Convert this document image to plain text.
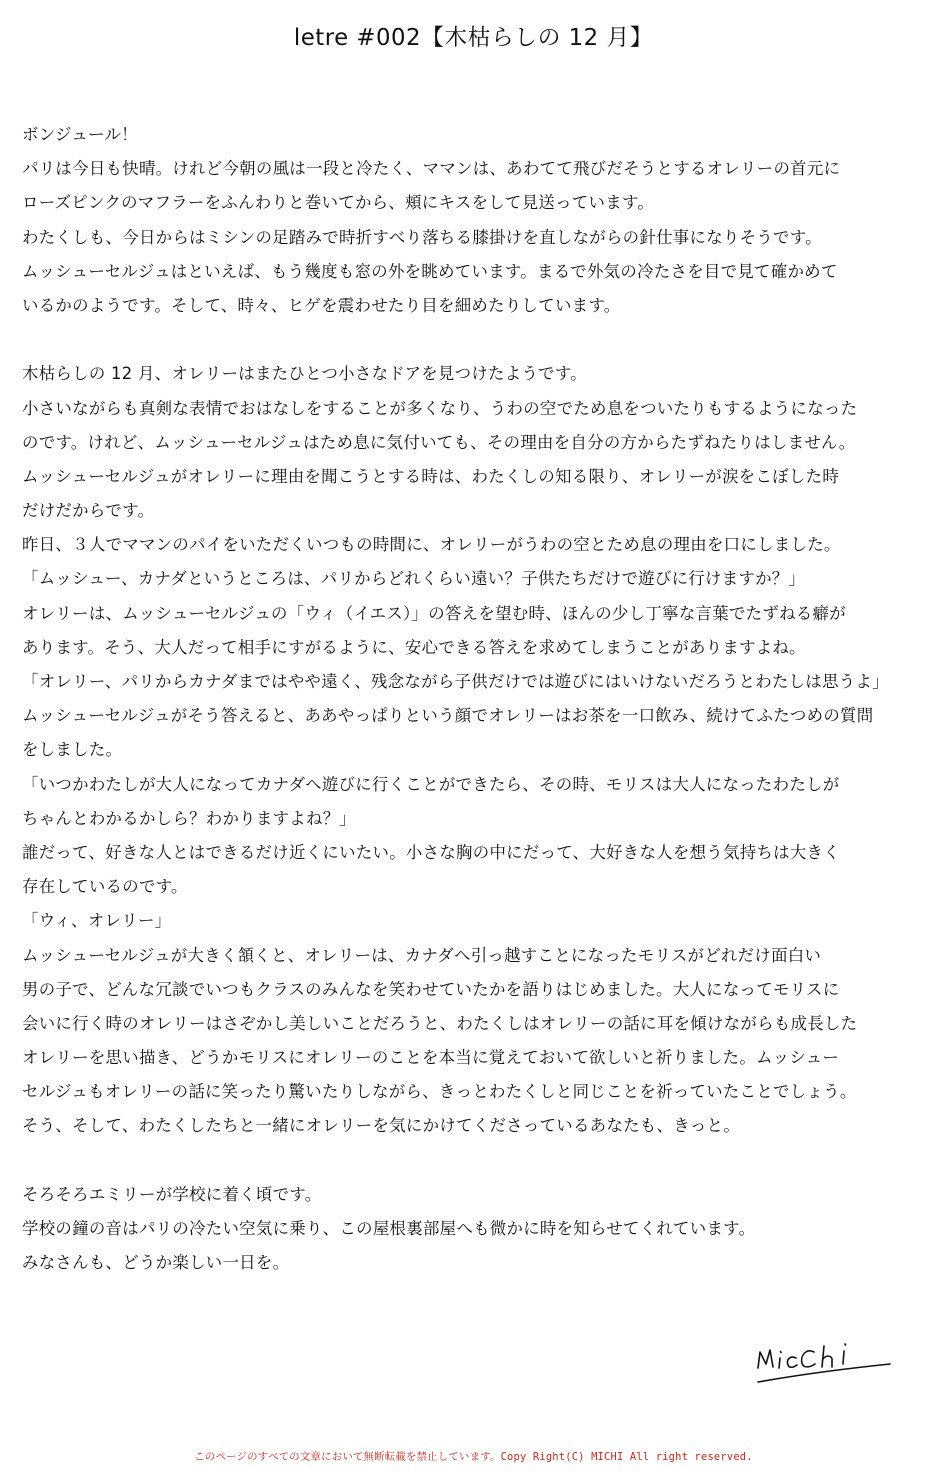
letre #002【木枯らしの 12 月】
ボンジュール！
パリは今日も快晴。けれど今朝の風は一段と冷たく、ママンは、あわてて飛びだそうとするオレリーの首元に
ローズピンクのマフラーをふんわりと巻いてから、頬にキスをして見送っています。
わたくしも、今日からはミシンの足踏みで時折すべり落ちる膝掛けを直しながらの針仕事になりそうです。
ムッシューセルジュはといえば、もう幾度も窓の外を眺めています。まるで外気の冷たさを目で見て確かめて
いるかのようです。そして、時々、ヒゲを震わせたり目を細めたりしています。
木枯らしの 12 月、オレリーはまたひとつ小さなドアを見つけたようです。
小さいながらも真剣な表情でおはなしをすることが多くなり、うわの空でため息をついたりもするようになった
のです。けれど、ムッシューセルジュはため息に気付いても、その理由を自分の方からたずねたりはしません。
ムッシューセルジュがオレリーに理由を聞こうとする時は、わたくしの知る限り、オレリーが涙をこぼした時
だけだからです。
昨日、３人でママンのパイをいただくいつもの時間に、オレリーがうわの空とため息の理由を口にしました。
「ムッシュー、カナダというところは、パリからどれくらい遠い？子供たちだけで遊びに行けますか？」
オレリーは、ムッシューセルジュの「ウィ（イエス）」の答えを望む時、ほんの少し丁寧な言葉でたずねる癖が
あります。そう、大人だって相手にすがるように、安心できる答えを求めてしまうことがありますよね。
「オレリー、パリからカナダまではやや遠く、残念ながら子供だけでは遊びにはいけないだろうとわたしは思うよ」
ムッシューセルジュがそう答えると、ああやっぱりという顔でオレリーはお茶を一口飲み、続けてふたつめの質問
をしました。
「いつかわたしが大人になってカナダへ遊びに行くことができたら、その時、モリスは大人になったわたしが
ちゃんとわかるかしら？わかりますよね？」
誰だって、好きな人とはできるだけ近くにいたい。小さな胸の中にだって、大好きな人を想う気持ちは大きく
存在しているのです。
「ウィ、オレリー」
ムッシューセルジュが大きく頷くと、オレリーは、カナダへ引っ越すことになったモリスがどれだけ面白い
男の子で、どんな冗談でいつもクラスのみんなを笑わせていたかを語りはじめました。大人になってモリスに
会いに行く時のオレリーはさぞかし美しいことだろうと、わたくしはオレリーの話に耳を傾けながらも成長した
オレリーを思い描き、どうかモリスにオレリーのことを本当に覚えておいて欲しいと祈りました。ムッシュー
セルジュもオレリーの話に笑ったり驚いたりしながら、きっとわたくしと同じことを祈っていたことでしょう。
そう、そして、わたくしたちと一緒にオレリーを気にかけてくださっているあなたも、きっと。
そろそろエミリーが学校に着く頃です。
学校の鐘の音はパリの冷たい空気に乗り、この屋根裏部屋へも微かに時を知らせてくれています。
みなさんも、どうか楽しい一日を。
このページのすべての文章において無断転載を禁止しています。Copy Right(C) MICHI All right reserved.
